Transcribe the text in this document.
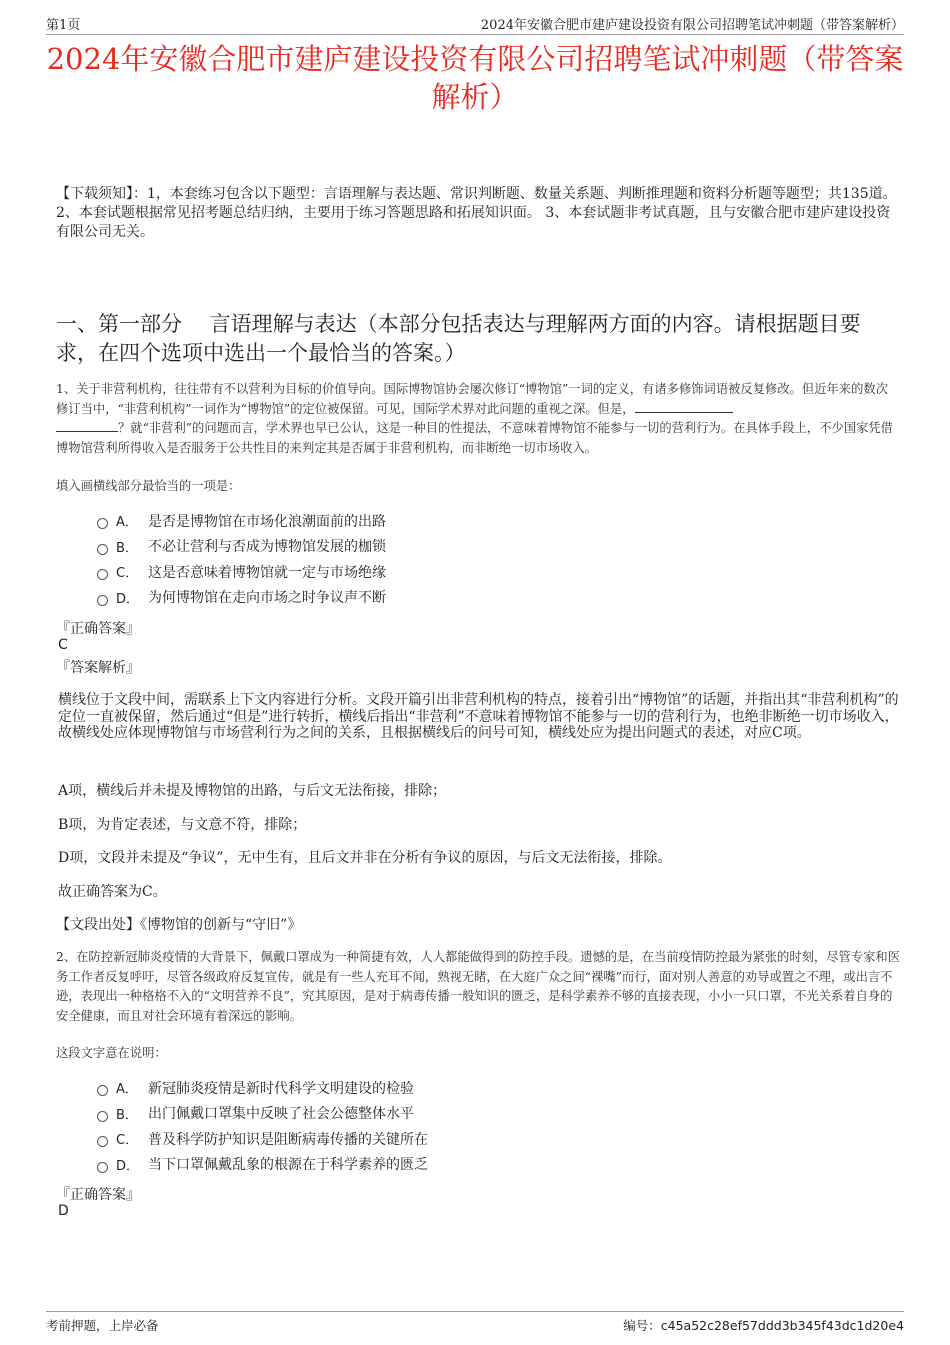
第1页	2024年安徽合肥市建庐建设投资有限公司招聘笔试冲刺题（带答案解析）
2024年安徽合肥市建庐建设投资有限公司招聘笔试冲刺题（带答案解析）
【下载须知】：1，本套练习包含以下题型：言语理解与表达题、常识判断题、数量关系题、判断推理题和资料分析题等题型；共135道。 2、本套试题根据常见招考题总结归纳，主要用于练习答题思路和拓展知识面。 3、本套试题非考试真题，且与安徽合肥市建庐建设投资有限公司无关。
一、第一部分　 言语理解与表达（本部分包括表达与理解两方面的内容。请根据题目要求，在四个选项中选出一个最恰当的答案。）
1、关于非营利机构，往往带有不以营利为目标的价值导向。国际博物馆协会屡次修订“博物馆”一词的定义，有诸多修饰词语被反复修改。但近年来的数次修订当中，“非营利机构”一词作为“博物馆”的定位被保留。可见，国际学术界对此问题的重视之深。但是，
？就“非营利”的问题而言，学术界也早已公认，这是一种目的性提法，不意味着博物馆不能参与一切的营利行为。在具体手段上，不少国家凭借博物馆营利所得收入是否服务于公共性目的来判定其是否属于非营利机构，而非断绝一切市场收入。
填入画横线部分最恰当的一项是：
A． 是否是博物馆在市场化浪潮面前的出路
B． 不必让营利与否成为博物馆发展的枷锁
C． 这是否意味着博物馆就一定与市场绝缘
D． 为何博物馆在走向市场之时争议声不断
『正确答案』
C
『答案解析』
横线位于文段中间，需联系上下文内容进行分析。文段开篇引出非营利机构的特点，接着引出“博物馆”的话题，并指出其“非营利机构”的定位一直被保留，然后通过“但是”进行转折，横线后指出“非营利”不意味着博物馆不能参与一切的营利行为，也绝非断绝一切市场收入，故横线处应体现博物馆与市场营利行为之间的关系，且根据横线后的问号可知，横线处应为提出问题式的表述，对应C项。
A项，横线后并未提及博物馆的出路，与后文无法衔接，排除；
B项，为肯定表述，与文意不符，排除；
D项，文段并未提及“争议”，无中生有，且后文并非在分析有争议的原因，与后文无法衔接，排除。
故正确答案为C。
【文段出处】《博物馆的创新与“守旧”》
2、在防控新冠肺炎疫情的大背景下，佩戴口罩成为一种简捷有效，人人都能做得到的防控手段。遗憾的是，在当前疫情防控最为紧张的时刻，尽管专家和医务工作者反复呼吁，尽管各级政府反复宣传，就是有一些人充耳不闻，熟视无睹，在大庭广众之间“裸嘴”而行，面对别人善意的劝导或置之不理，或出言不逊，表现出一种格格不入的“文明营养不良”，究其原因，是对于病毒传播一般知识的匮乏，是科学素养不够的直接表现，小小一只口罩，不光关系着自身的安全健康，而且对社会环境有着深远的影响。
这段文字意在说明：
A． 新冠肺炎疫情是新时代科学文明建设的检验
B． 出门佩戴口罩集中反映了社会公德整体水平
C． 普及科学防护知识是阻断病毒传播的关键所在
D． 当下口罩佩戴乱象的根源在于科学素养的匮乏
『正确答案』
D
考前押题，上岸必备	编号：c45a52c28ef57ddd3b345f43dc1d20e4
